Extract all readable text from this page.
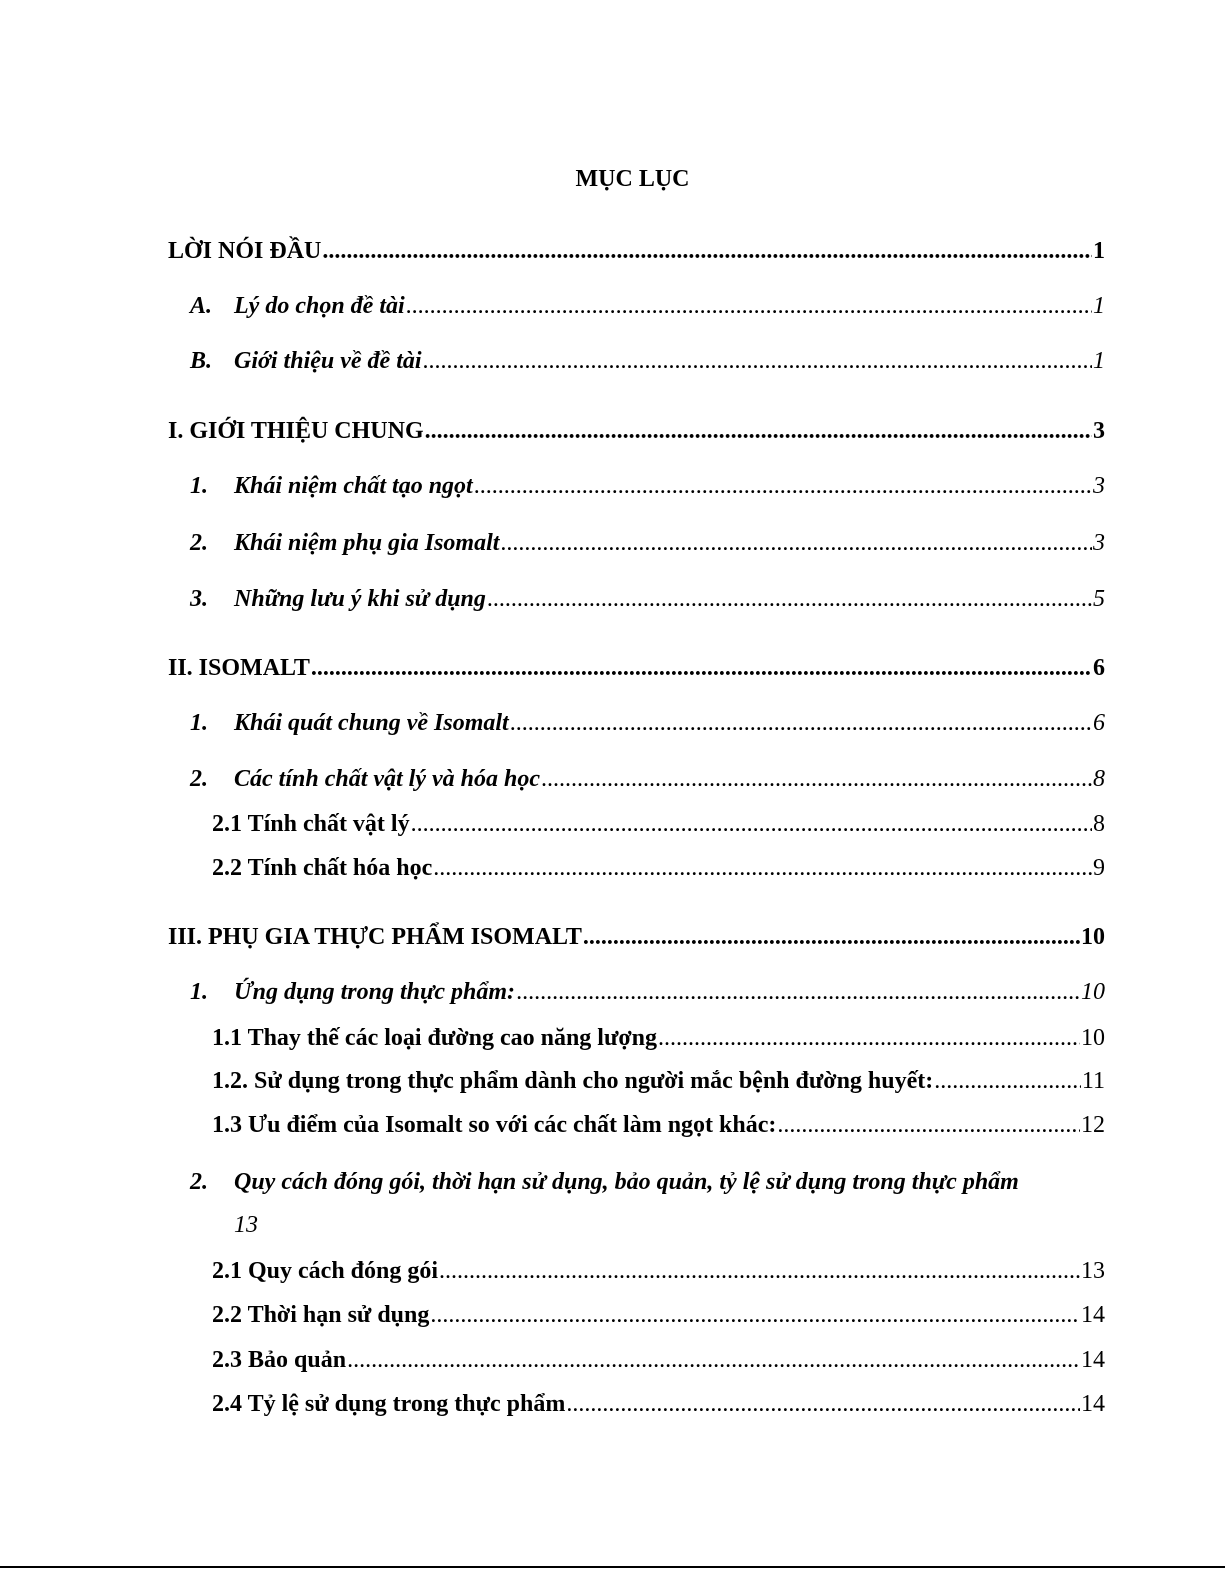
MỤC LỤC
LỜI NÓI ĐẦU .....	1
A. Lý do chọn đề tài .....	1
B. Giới thiệu về đề tài .....	1
I. GIỚI THIỆU CHUNG .....	3
1. Khái niệm chất tạo ngọt .....	3
2. Khái niệm phụ gia Isomalt .....	3
3. Những lưu ý khi sử dụng .....	5
II. ISOMALT .....	6
1. Khái quát chung về Isomalt .....	6
2. Các tính chất vật lý và hóa học .....	8
2.1 Tính chất vật lý .....	8
2.2 Tính chất hóa học .....	9
III. PHỤ GIA THỰC PHẨM ISOMALT .....	10
1. Ứng dụng trong thực phẩm: .....	10
1.1 Thay thế các loại đường cao năng lượng .....	10
1.2. Sử dụng trong thực phẩm dành cho người mắc bệnh đường huyết: .....	11
1.3 Ưu điểm của Isomalt so với các chất làm ngọt khác: .....	12
2. Quy cách đóng gói, thời hạn sử dụng, bảo quản, tỷ lệ sử dụng trong thực phẩm
13
2.1 Quy cách đóng gói .....	13
2.2 Thời hạn sử dụng .....	14
2.3 Bảo quản .....	14
2.4 Tỷ lệ sử dụng trong thực phẩm .....	14
